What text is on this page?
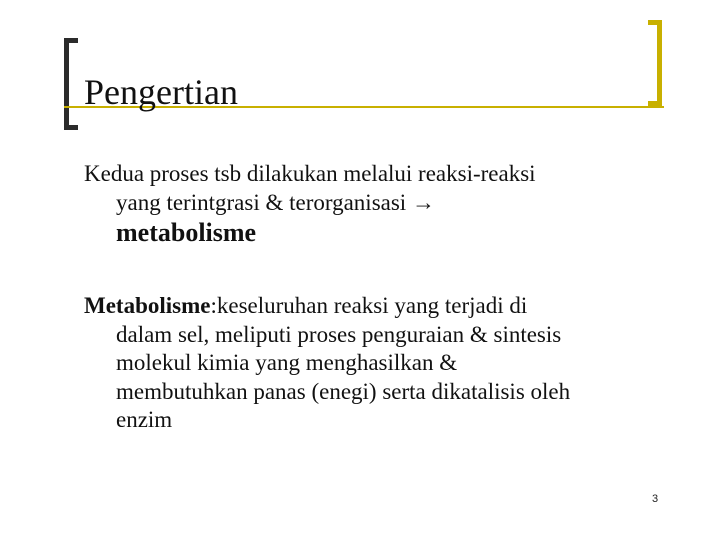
Pengertian

Kedua proses tsb dilakukan melalui reaksi-reaksi
yang terintgrasi & terorganisasi →
metabolisme

Metabolisme:keseluruhan reaksi yang terjadi di
dalam sel, meliputi proses penguraian & sintesis
molekul kimia yang menghasilkan &
membutuhkan panas (enegi) serta dikatalisis oleh
enzim

3
